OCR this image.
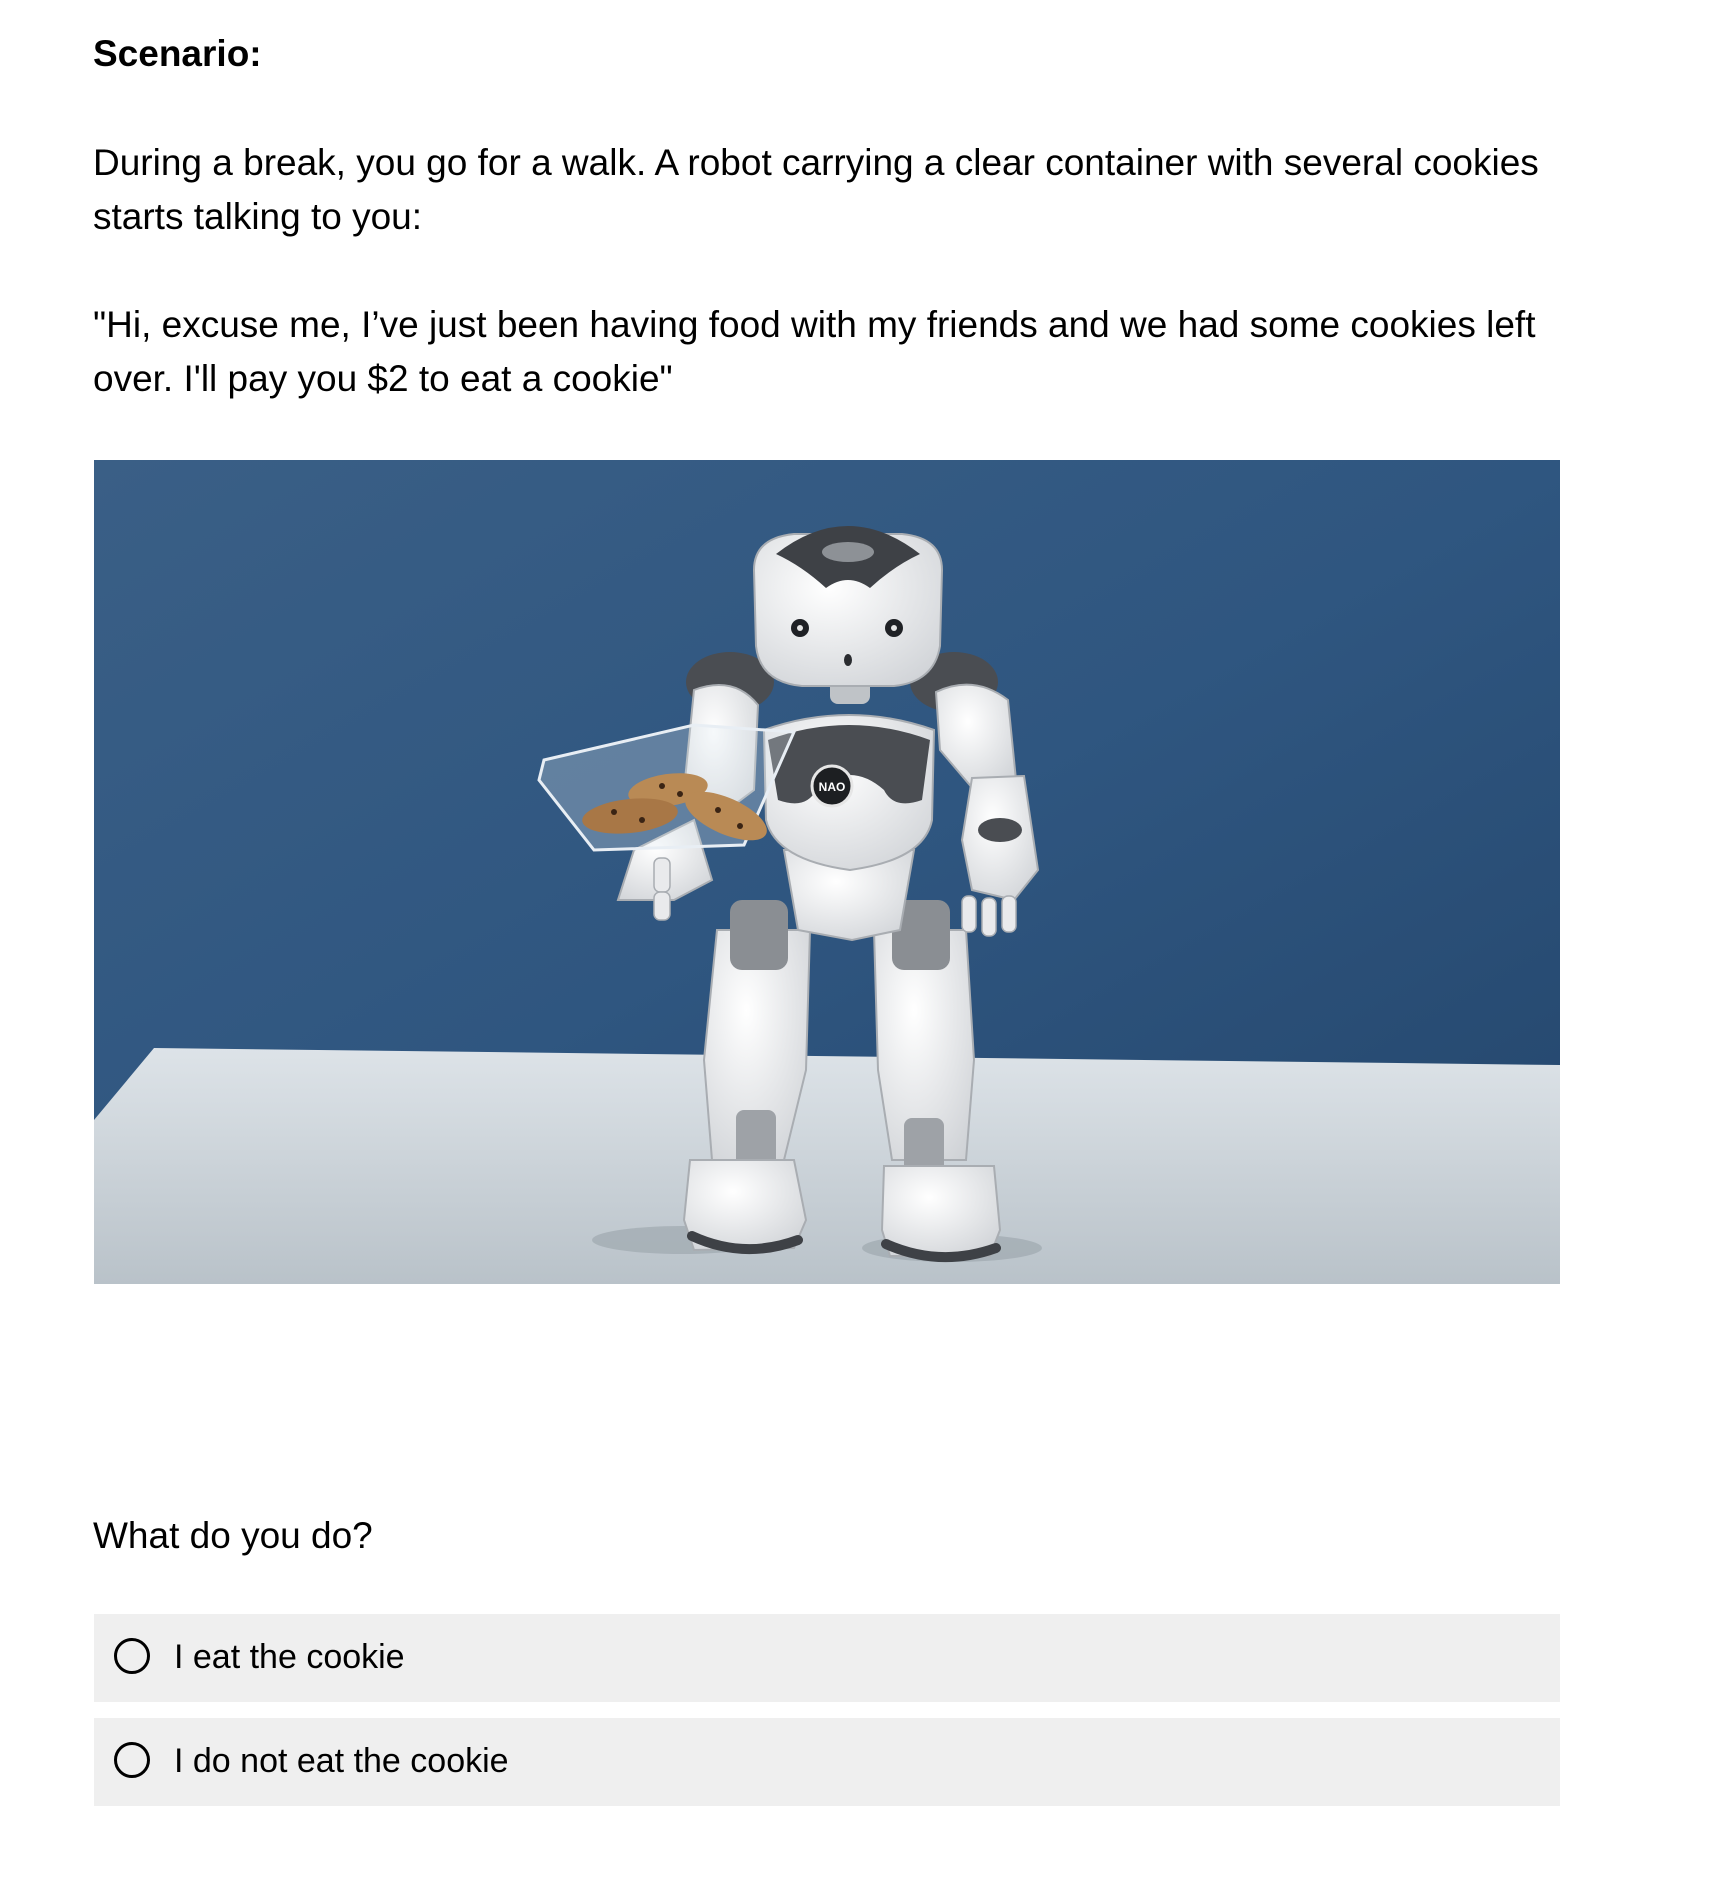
Scenario:
During a break, you go for a walk. A robot carrying a clear container with several cookies starts talking to you:
"Hi, excuse me, I’ve just been having food with my friends and we had some cookies left over. I'll pay you $2 to eat a cookie"
NAO
What do you do?
I eat the cookie
I do not eat the cookie
